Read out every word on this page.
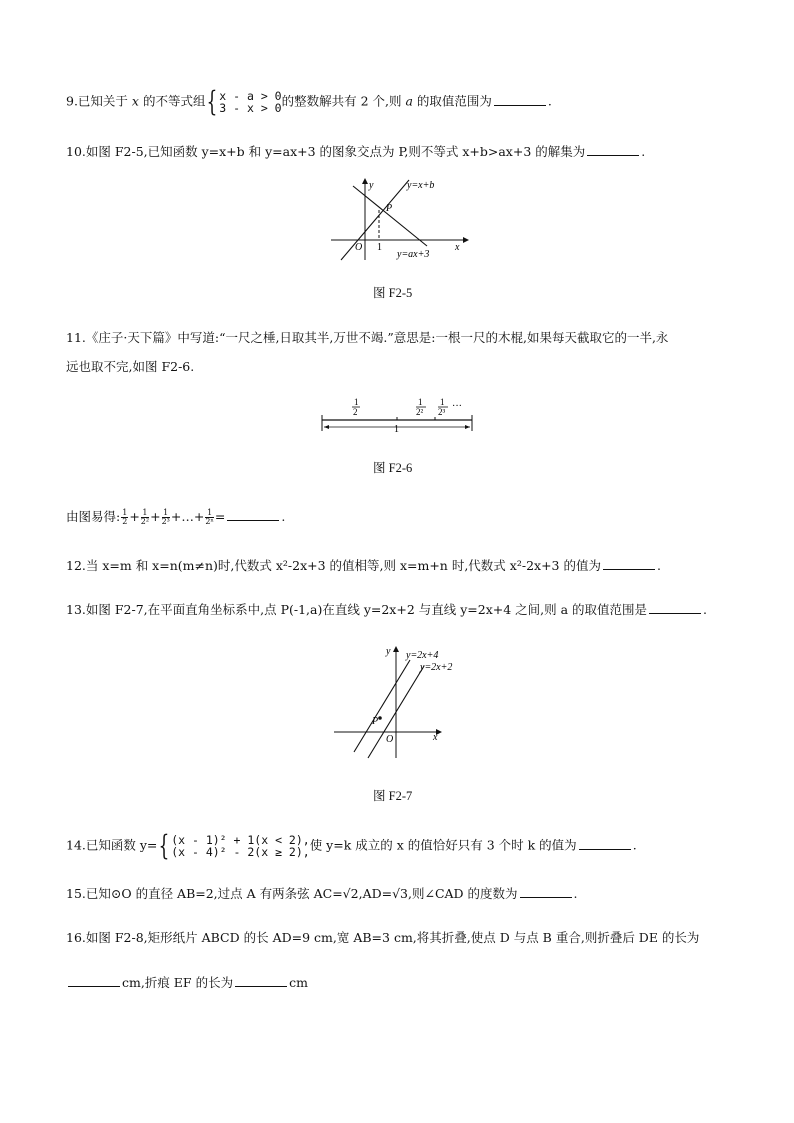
9.已知关于 x 的不等式组{ x - a > 0
3 - x > 0 的整数解共有 2 个,则 a 的取值范围为	.
10.如图 F2-5,已知函数 y=x+b 和 y=ax+3 的图象交点为 P,则不等式 x+b>ax+3 的解集为	.
y
x
O
P
1
y=x+b
y=ax+3
图 F2-5
11.《庄子·天下篇》中写道:“一尺之棰,日取其半,万世不竭.”意思是:一根一尺的木棍,如果每天截取它的一半,永
远也取不完,如图 F2-6.
1
1
2
1
2²
1
2³ ···
图 F2-6
由图易得: $\frac{1}{2} + \frac{1}{\text{2²}} + \frac{1}{\text{2³}}$ +…+ $\frac{1}{\text{2ⁿ}}$ =	.
12.当 x=m 和 x=n(m≠n)时,代数式 x²-2x+3 的值相等,则 x=m+n 时,代数式 x²-2x+3 的值为	.
13.如图 F2-7,在平面直角坐标系中,点 P(-1,a)在直线 y=2x+2 与直线 y=2x+4 之间,则 a 的取值范围是	.
y
x
O
P
y=2x+4
y=2x+2
图 F2-7
14.已知函数 y={ (x - 1)² + 1(x < 2),
(x - 4)² - 2(x ≥ 2), 使 y=k 成立的 x 的值恰好只有 3 个时 k 的值为	.
15.已知⊙O 的直径 AB=2,过点 A 有两条弦 AC=√2,AD=√3,则∠CAD 的度数为	.
16.如图 F2-8,矩形纸片 ABCD 的长 AD=9 cm,宽 AB=3 cm,将其折叠,使点 D 与点 B 重合,则折叠后 DE 的长为
cm,折痕 EF 的长为	cm
